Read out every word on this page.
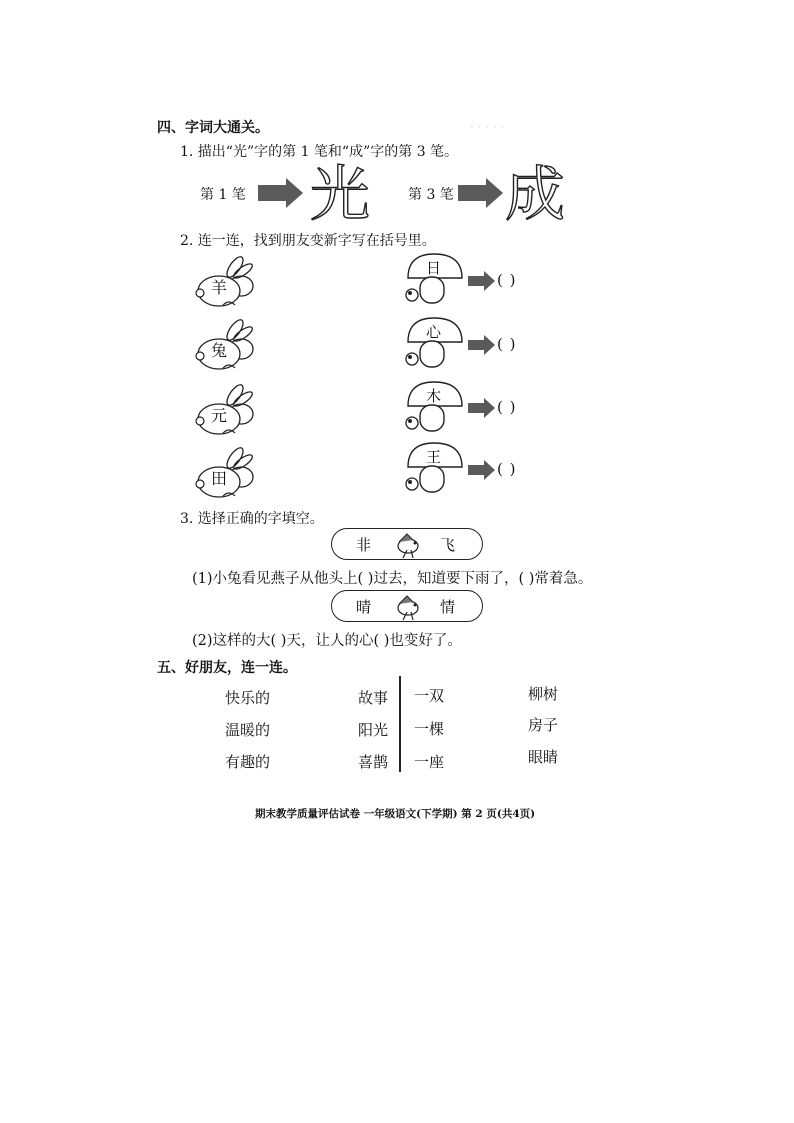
· · · · ·
四、字词大通关。
1. 描出“光”字的第 1 笔和“成”字的第 3 笔。
第 1 笔 光	第 3 笔 成
2. 连一连，找到朋友变新字写在括号里。
羊
兔
元
田
日
( )
心
( )
木
( )
王
( )
3. 选择正确的字填空。
非	飞
(1)小兔看见燕子从他头上( )过去，知道要下雨了，( )常着急。
晴	情
(2)这样的大( )天，让人的心( )也变好了。
五、好朋友，连一连。
快乐的
温暖的
有趣的
故事
阳光
喜鹊
一双
一棵
一座
柳树
房子
眼睛
期末教学质量评估试卷 一年级语文(下学期) 第 2 页(共4页)
